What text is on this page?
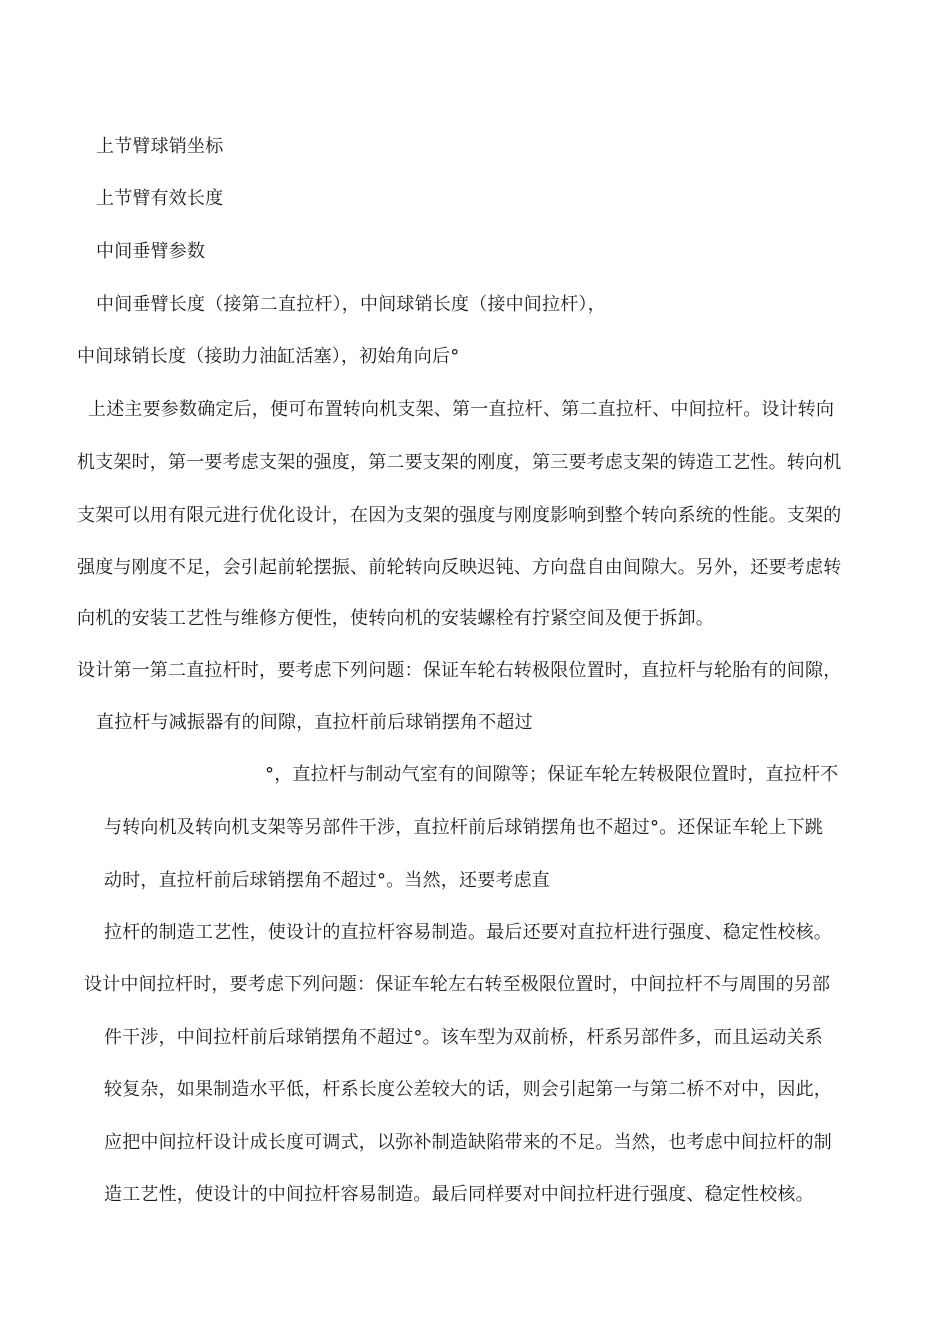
上节臂球销坐标
上节臂有效长度
中间垂臂参数
中间垂臂长度（接第二直拉杆），中间球销长度（接中间拉杆），
中间球销长度（接助力油缸活塞），初始角向后°
上述主要参数确定后，便可布置转向机支架、第一直拉杆、第二直拉杆、中间拉杆。设计转向
机支架时，第一要考虑支架的强度，第二要支架的刚度，第三要考虑支架的铸造工艺性。转向机
支架可以用有限元进行优化设计，在因为支架的强度与刚度影响到整个转向系统的性能。支架的
强度与刚度不足，会引起前轮摆振、前轮转向反映迟钝、方向盘自由间隙大。另外，还要考虑转
向机的安装工艺性与维修方便性，使转向机的安装螺栓有拧紧空间及便于拆卸。
设计第一第二直拉杆时，要考虑下列问题：保证车轮右转极限位置时，直拉杆与轮胎有的间隙，
直拉杆与减振器有的间隙，直拉杆前后球销摆角不超过
°，直拉杆与制动气室有的间隙等；保证车轮左转极限位置时，直拉杆不
与转向机及转向机支架等另部件干涉，直拉杆前后球销摆角也不超过°。还保证车轮上下跳
动时，直拉杆前后球销摆角不超过°。当然，还要考虑直
拉杆的制造工艺性，使设计的直拉杆容易制造。最后还要对直拉杆进行强度、稳定性校核。
设计中间拉杆时，要考虑下列问题：保证车轮左右转至极限位置时，中间拉杆不与周围的另部
件干涉，中间拉杆前后球销摆角不超过°。该车型为双前桥，杆系另部件多，而且运动关系
较复杂，如果制造水平低，杆系长度公差较大的话，则会引起第一与第二桥不对中，因此，
应把中间拉杆设计成长度可调式，以弥补制造缺陷带来的不足。当然，也考虑中间拉杆的制
造工艺性，使设计的中间拉杆容易制造。最后同样要对中间拉杆进行强度、稳定性校核。
